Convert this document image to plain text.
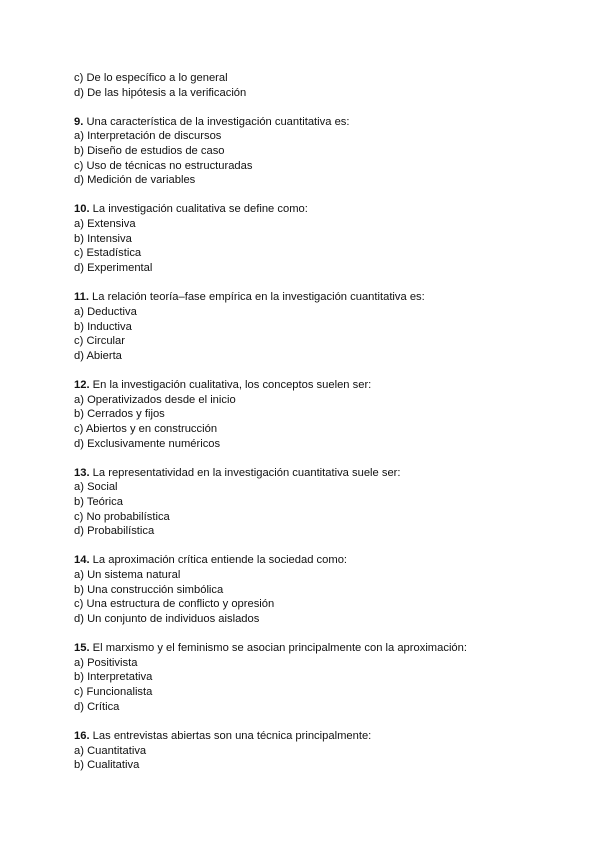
c) De lo específico a lo general
d) De las hipótesis a la verificación
9. Una característica de la investigación cuantitativa es:
a) Interpretación de discursos
b) Diseño de estudios de caso
c) Uso de técnicas no estructuradas
d) Medición de variables
10. La investigación cualitativa se define como:
a) Extensiva
b) Intensiva
c) Estadística
d) Experimental
11. La relación teoría–fase empírica en la investigación cuantitativa es:
a) Deductiva
b) Inductiva
c) Circular
d) Abierta
12. En la investigación cualitativa, los conceptos suelen ser:
a) Operativizados desde el inicio
b) Cerrados y fijos
c) Abiertos y en construcción
d) Exclusivamente numéricos
13. La representatividad en la investigación cuantitativa suele ser:
a) Social
b) Teórica
c) No probabilística
d) Probabilística
14. La aproximación crítica entiende la sociedad como:
a) Un sistema natural
b) Una construcción simbólica
c) Una estructura de conflicto y opresión
d) Un conjunto de individuos aislados
15. El marxismo y el feminismo se asocian principalmente con la aproximación:
a) Positivista
b) Interpretativa
c) Funcionalista
d) Crítica
16. Las entrevistas abiertas son una técnica principalmente:
a) Cuantitativa
b) Cualitativa
